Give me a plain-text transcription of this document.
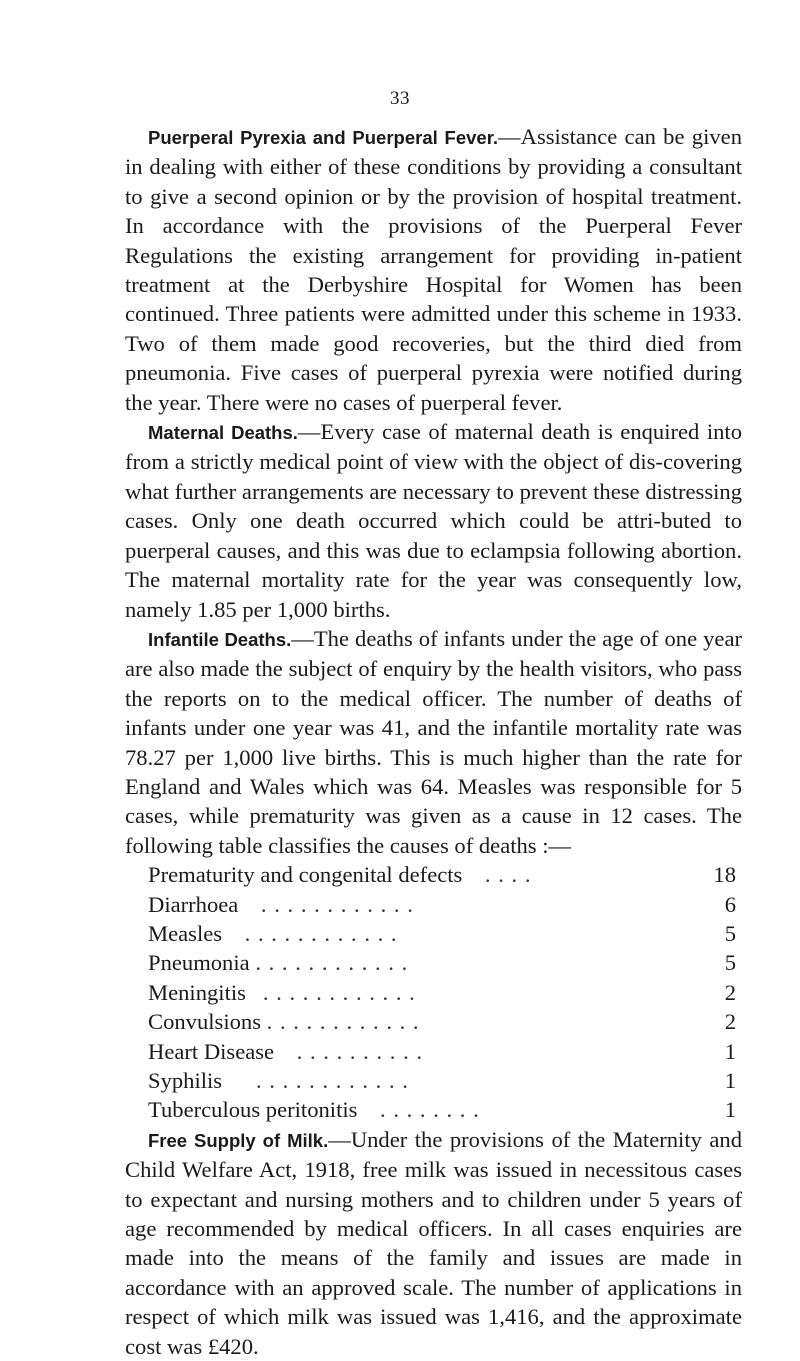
33

Puerperal Pyrexia and Puerperal Fever.—Assistance can be given in dealing with either of these conditions by providing a consultant to give a second opinion or by the provision of hospital treatment. In accordance with the provisions of the Puerperal Fever Regulations the existing arrangement for providing in-patient treatment at the Derbyshire Hospital for Women has been continued. Three patients were admitted under this scheme in 1933. Two of them made good recoveries, but the third died from pneumonia. Five cases of puerperal pyrexia were notified during the year. There were no cases of puerperal fever.

Maternal Deaths.—Every case of maternal death is enquired into from a strictly medical point of view with the object of dis-covering what further arrangements are necessary to prevent these distressing cases. Only one death occurred which could be attri-buted to puerperal causes, and this was due to eclampsia following abortion. The maternal mortality rate for the year was consequently low, namely 1.85 per 1,000 births.

Infantile Deaths.—The deaths of infants under the age of one year are also made the subject of enquiry by the health visitors, who pass the reports on to the medical officer. The number of deaths of infants under one year was 41, and the infantile mortality rate was 78.27 per 1,000 live births. This is much higher than the rate for England and Wales which was 64. Measles was responsible for 5 cases, while prematurity was given as a cause in 12 cases. The following table classifies the causes of deaths :—

Prematurity and congenital defects . . . .	18
Diarrhoea . . . . . . . . . . . .	6
Measles . . . . . . . . . . . .	5
Pneumonia . . . . . . . . . . . .	5
Meningitis . . . . . . . . . . . .	2
Convulsions . . . . . . . . . . . .	2
Heart Disease . . . . . . . . . .	1
Syphilis . . . . . . . . . . . .	1
Tuberculous peritonitis . . . . . . . .	1

Free Supply of Milk.—Under the provisions of the Maternity and Child Welfare Act, 1918, free milk was issued in necessitous cases to expectant and nursing mothers and to children under 5 years of age recommended by medical officers. In all cases enquiries are made into the means of the family and issues are made in accordance with an approved scale. The number of applications in respect of which milk was issued was 1,416, and the approximate cost was £420.
